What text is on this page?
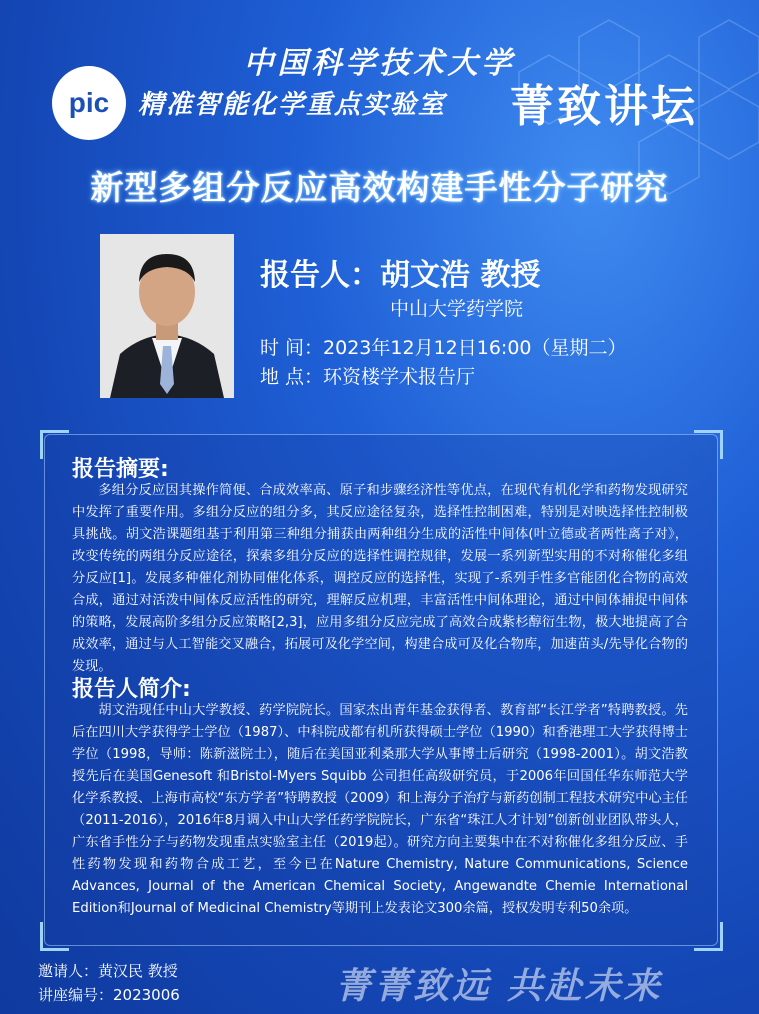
中国科学技术大学
pic 精准智能化学重点实验室 菁致讲坛
新型多组分反应高效构建手性分子研究
报告人：胡文浩 教授
中山大学药学院
时 间：2023年12月12日16:00（星期二）
地 点：环资楼学术报告厅
报告摘要:
多组分反应因其操作简便、合成效率高、原子和步骤经济性等优点，在现代有机化学和药物发现研究中发挥了重要作用。多组分反应的组分多，其反应途径复杂，选择性控制困难，特别是对映选择性控制极具挑战。胡文浩课题组基于利用第三种组分捕获由两种组分生成的活性中间体(叶立德或者两性离子对》，改变传统的两组分反应途径，探索多组分反应的选择性调控规律，发展一系列新型实用的不对称催化多组分反应[1]。发展多种催化剂协同催化体系，调控反应的选择性，实现了-系列手性多官能团化合物的高效合成，通过对活泼中间体反应活性的研究，理解反应机理，丰富活性中间体理论，通过中间体捕捉中间体的策略，发展高阶多组分反应策略[2,3]，应用多组分反应完成了高效合成紫杉醇衍生物，极大地提高了合成效率，通过与人工智能交叉融合，拓展可及化学空间，构建合成可及化合物库，加速苗头/先导化合物的发现。
报告人简介:
胡文浩现任中山大学教授、药学院院长。国家杰出青年基金获得者、教育部“长江学者”特聘教授。先后在四川大学获得学士学位（1987）、中科院成都有机所获得硕士学位（1990）和香港理工大学获得博士学位（1998，导师：陈新滋院士），随后在美国亚利桑那大学从事博士后研究（1998-2001）。胡文浩教授先后在美国Genesoft 和Bristol-Myers Squibb 公司担任高级研究员，于2006年回国任华东师范大学化学系教授、上海市高校“东方学者”特聘教授（2009）和上海分子治疗与新药创制工程技术研究中心主任（2011-2016），2016年8月调入中山大学任药学院院长，广东省“珠江人才计划”创新创业团队带头人，广东省手性分子与药物发现重点实验室主任（2019起）。研究方向主要集中在不对称催化多组分反应、手性药物发现和药物合成工艺，至今已在Nature Chemistry, Nature Communications, Science Advances, Journal of the American Chemical Society, Angewandte Chemie International Edition和Journal of Medicinal Chemistry等期刊上发表论文300余篇，授权发明专利50余项。
邀请人：黄汉民 教授
讲座编号：2023006	菁菁致远 共赴未来
